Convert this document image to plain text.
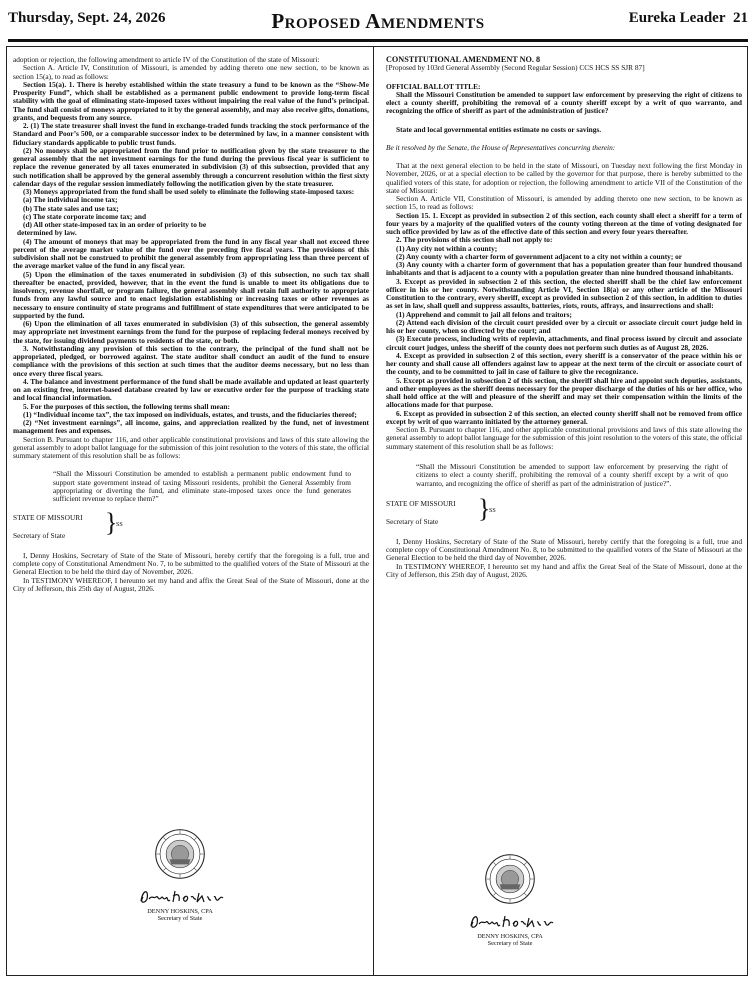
Thursday, Sept. 24, 2026	Proposed Amendments	Eureka Leader 21

adoption or rejection, the following amendment to article IV of the Constitution of the state of Missouri:

Section A. Article IV, Constitution of Missouri, is amended by adding thereto one new section, to be known as section 15(a), to read as follows:

Section 15(a). 1. There is hereby established within the state treasury a fund to be known as the “Show-Me Prosperity Fund”, which shall be established as a permanent public endowment to provide long-term fiscal stability with the goal of eliminating state-imposed taxes without impairing the real value of the fund’s principal. The fund shall consist of moneys appropriated to it by the general assembly, and may also receive gifts, donations, grants, and bequests from any source.

2. (1) The state treasurer shall invest the fund in exchange-traded funds tracking the stock performance of the Standard and Poor’s 500, or a comparable successor index to be determined by law, in a manner consistent with fiduciary standards applicable to public trust funds.

(2) No moneys shall be appropriated from the fund prior to notification given by the state treasurer to the general assembly that the net investment earnings for the fund during the previous fiscal year is sufficient to replace the revenue generated by all taxes enumerated in subdivision (3) of this subsection, provided that any such notification shall be approved by the general assembly through a concurrent resolution within the first sixty calendar days of the regular session immediately following the notification given by the state treasurer.

(3) Moneys appropriated from the fund shall be used solely to eliminate the following state-imposed taxes:

(a) The individual income tax;

(b) The state sales and use tax;

(c) The state corporate income tax; and

(d) All other state-imposed tax in an order of priority to be

determined by law.

(4) The amount of moneys that may be appropriated from the fund in any fiscal year shall not exceed three percent of the average market value of the fund over the preceding five fiscal years. The provisions of this subdivision shall not be construed to prohibit the general assembly from appropriating less than three percent of the average market value of the fund in any fiscal year.

(5) Upon the elimination of the taxes enumerated in subdivision (3) of this subsection, no such tax shall thereafter be enacted, provided, however, that in the event the fund is unable to meet its obligations due to insolvency, revenue shortfall, or program failure, the general assembly shall retain full authority to appropriate funds from any lawful source and to enact legislation establishing or increasing taxes or other revenues as necessary to ensure continuity of state programs and fulfillment of state expenditures that were anticipated to be supported by the fund.

(6) Upon the elimination of all taxes enumerated in subdivision (3) of this subsection, the general assembly may appropriate net investment earnings from the fund for the purpose of replacing federal moneys received by the state, for issuing dividend payments to residents of the state, or both.

3. Notwithstanding any provision of this section to the contrary, the principal of the fund shall not be appropriated, pledged, or borrowed against. The state auditor shall conduct an audit of the fund to ensure compliance with the provisions of this section at such times that the auditor deems necessary, but no less than once every three fiscal years.

4. The balance and investment performance of the fund shall be made available and updated at least quarterly on an existing free, internet-based database created by law or executive order for the purpose of tracking state and local financial information.

5. For the purposes of this section, the following terms shall mean:

(1) “Individual income tax”, the tax imposed on individuals, estates, and trusts, and the fiduciaries thereof;

(2) “Net investment earnings”, all income, gains, and appreciation realized by the fund, net of investment management fees and expenses.

Section B. Pursuant to chapter 116, and other applicable constitutional provisions and laws of this state allowing the general assembly to adopt ballot language for the submission of this joint resolution to the voters of this state, the official summary statement of this resolution shall be as follows:

“Shall the Missouri Constitution be amended to establish a permanent public endowment fund to support state government instead of taxing Missouri residents, prohibit the General Assembly from appropriating or diverting the fund, and eliminate state-imposed taxes once the fund generates sufficient revenue to replace them?”

STATE OF MISSOURI }
SS
Secretary of State

I, Denny Hoskins, Secretary of State of the State of Missouri, hereby certify that the foregoing is a full, true and complete copy of Constitutional Amendment No. 7, to be submitted to the qualified voters of the State of Missouri at the General Election to be held the third day of November, 2026.

In TESTIMONY WHEREOF, I hereunto set my hand and affix the Great Seal of the State of Missouri, done at the City of Jefferson, this 25th day of August, 2026.

DENNY HOSKINS, CPA
Secretary of State

CONSTITUTIONAL AMENDMENT NO. 8

[Proposed by 103rd General Assembly (Second Regular Session) CCS HCS SS SJR 87]

OFFICIAL BALLOT TITLE:

Shall the Missouri Constitution be amended to support law enforcement by preserving the right of citizens to elect a county sheriff, prohibiting the removal of a county sheriff except by a writ of quo warranto, and recognizing the office of sheriff as part of the administration of justice?

State and local governmental entities estimate no costs or savings.

Be it resolved by the Senate, the House of Representatives concurring therein:

That at the next general election to be held in the state of Missouri, on Tuesday next following the first Monday in November, 2026, or at a special election to be called by the governor for that purpose, there is hereby submitted to the qualified voters of this state, for adoption or rejection, the following amendment to article VII of the Constitution of the state of Missouri:

Section A. Article VII, Constitution of Missouri, is amended by adding thereto one new section, to be known as section 15, to read as follows:

Section 15. 1. Except as provided in subsection 2 of this section, each county shall elect a sheriff for a term of four years by a majority of the qualified voters of the county voting thereon at the time of voting designated for such office provided by law as of the effective date of this section and every four years thereafter.

2. The provisions of this section shall not apply to:

(1) Any city not within a county;

(2) Any county with a charter form of government adjacent to a city not within a county; or

(3) Any county with a charter form of government that has a population greater than four hundred thousand inhabitants and that is adjacent to a county with a population greater than nine hundred thousand inhabitants.

3. Except as provided in subsection 2 of this section, the elected sheriff shall be the chief law enforcement officer in his or her county. Notwithstanding Article VI, Section 18(a) or any other article of the Missouri Constitution to the contrary, every sheriff, except as provided in subsection 2 of this section, in addition to duties as set in law, shall quell and suppress assaults, batteries, riots, routs, affrays, and insurrections and shall:

(1) Apprehend and commit to jail all felons and traitors;

(2) Attend each division of the circuit court presided over by a circuit or associate circuit court judge held in his or her county, when so directed by the court; and

(3) Execute process, including writs of replevin, attachments, and final process issued by circuit and associate circuit court judges, unless the sheriff of the county does not perform such duties as of August 28, 2026.

4. Except as provided in subsection 2 of this section, every sheriff is a conservator of the peace within his or her county and shall cause all offenders against law to appear at the next term of the circuit or associate court of the county, and to be committed to jail in case of failure to give the recognizance.

5. Except as provided in subsection 2 of this section, the sheriff shall hire and appoint such deputies, assistants, and other employees as the sheriff deems necessary for the proper discharge of the duties of his or her office, who shall hold office at the will and pleasure of the sheriff and may set their compensation within the limits of the allocations made for that purpose.

6. Except as provided in subsection 2 of this section, an elected county sheriff shall not be removed from office except by writ of quo warranto initiated by the attorney general.

Section B. Pursuant to chapter 116, and other applicable constitutional provisions and laws of this state allowing the general assembly to adopt ballot language for the submission of this joint resolution to the voters of this state, the official summary statement of this resolution shall be as follows:

“Shall the Missouri Constitution be amended to support law enforcement by preserving the right of citizens to elect a county sheriff, prohibiting the removal of a county sheriff except by a writ of quo warranto, and recognizing the office of sheriff as part of the administration of justice?”.

STATE OF MISSOURI }
SS
Secretary of State

I, Denny Hoskins, Secretary of State of the State of Missouri, hereby certify that the foregoing is a full, true and complete copy of Constitutional Amendment No. 8, to be submitted to the qualified voters of the State of Missouri at the General Election to be held the third day of November, 2026.

In TESTIMONY WHEREOF, I hereunto set my hand and affix the Great Seal of the State of Missouri, done at the City of Jefferson, this 25th day of August, 2026.

DENNY HOSKINS, CPA
Secretary of State
